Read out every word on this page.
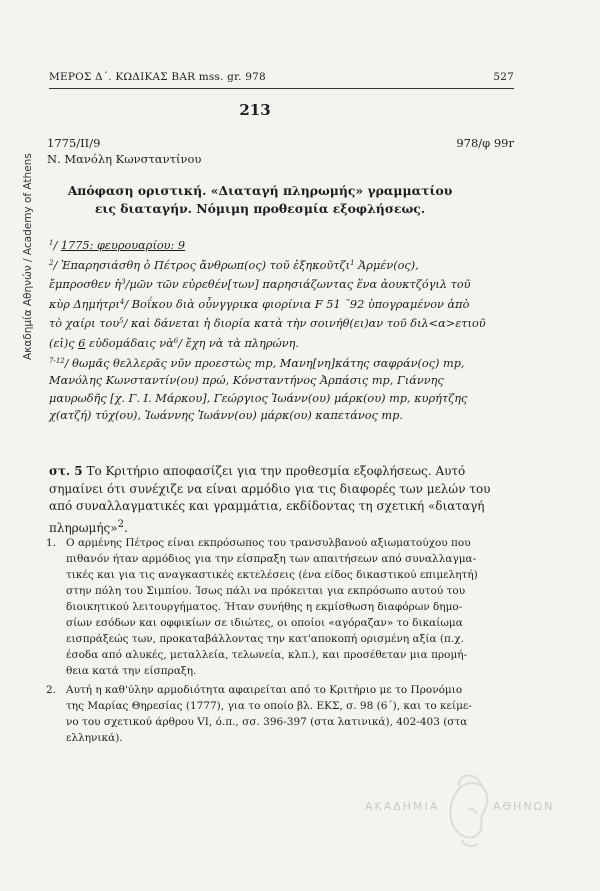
Ακαδημία Αθηνών / Academy of Athens
ΜΕΡΟΣ Δ΄. ΚΩΔΙΚΑΣ BAR mss. gr. 978	527
213
1775/II/9	978/φ 99r
Ν. Μανόλη Κωνσταντίνου
Απόφαση οριστική. «Διαταγή πληρωμής» γραμματίου
εις διαταγήν. Νόμιμη προθεσμία εξοφλήσεως.
$^1$/ 1775: φευρουαρίου: 9
$^2$/ Ἐπαρησιάσθη ὁ Πέτρος ἄνθρωπ(ος) τοῦ ἐξηκοῦτζι$^1$ Ἀρμέν(ος),
ἔμπροσθεν ἡ$^3$/μῶν τῶν εὐρεθέν[των] παρησιάζωντας ἕνα ἀουκτζόγιλ τοῦ
κὺρ Δημήτρι$^4$/ Βοΐκου διὰ οὖνγγρικα φιορίνια F 51 ˘92 ὑπογραμένον ἀπὸ
τὸ χαίρι του$^5$/ καὶ δάνεται ἡ διορία κατὰ τὴν σοινήθ(ει)αν τοῦ διλ<α>ετιοῦ
(εἰ)ς 6 εὐδομάδαις νὰ$^6$/ ἔχη νὰ τὰ πληρώνη.
$^{7-12}$/ θωμᾶς θελλερᾶς νῦν προεστὼς mp, Μανη[νη]κάτης σαφράν(ος) mp,
Μανόλης Κωνσταντίν(ου) πρώ, Κόνσταντήνος Ἀρπάσις mp, Γιάννης
μαυρωδῆς [χ. Γ. Ι. Μάρκου], Γεώργιος Ἰωάνν(ου) μάρκ(ου) mp, κυρήτζης
χ(ατζή) τύχ(ου), Ἰωάννης Ἰωάνν(ου) μάρκ(ου) καπετάνος mp.
στ. 5 Το Κριτήριο αποφασίζει για την προθεσμία εξοφλήσεως. Αυτό
σημαίνει ότι συνέχιζε να είναι αρμόδιο για τις διαφορές των μελών του
από συναλλαγματικές και γραμμάτια, εκδίδοντας τη σχετική «διαταγή
πληρωμής»$^2$.
1. Ο αρμένης Πέτρος είναι εκπρόσωπος του τρανσυλβανού αξιωματούχου που
πιθανόν ήταν αρμόδιος για την είσπραξη των απαιτήσεων από συναλλαγμα-
τικές και για τις αναγκαστικές εκτελέσεις (ένα είδος δικαστικού επιμελητή)
στην πόλη του Σιμπίου. Ίσως πάλι να πρόκειται για εκπρόσωπο αυτού του
διοικητικού λειτουργήματος. Ήταν συνήθης η εκμίσθωση διαφόρων δημο-
σίων εσόδων και οφφικίων σε ιδιώτες, οι οποίοι «αγόραζαν» το δικαίωμα
εισπράξεώς των, προκαταβάλλοντας την κατ'αποκοπή ορισμένη αξία (π.χ.
έσοδα από αλυκές, μεταλλεία, τελωνεία, κλπ.), και προσέθεταν μια προμή-
θεια κατά την είσπραξη.
2. Αυτή η καθ'ύλην αρμοδιότητα αφαιρείται από το Κριτήριο με το Προνόμιο
της Μαρίας Θηρεσίας (1777), για το οποίο βλ. ΕΚΣ, σ. 98 (6΄), και το κείμε-
νο του σχετικού άρθρου VI, ό.π., σσ. 396-397 (στα λατινικά), 402-403 (στα
ελληνικά).
ΑΚΑΔΗΜΙΑ	ΑΘΗΝΩΝ
